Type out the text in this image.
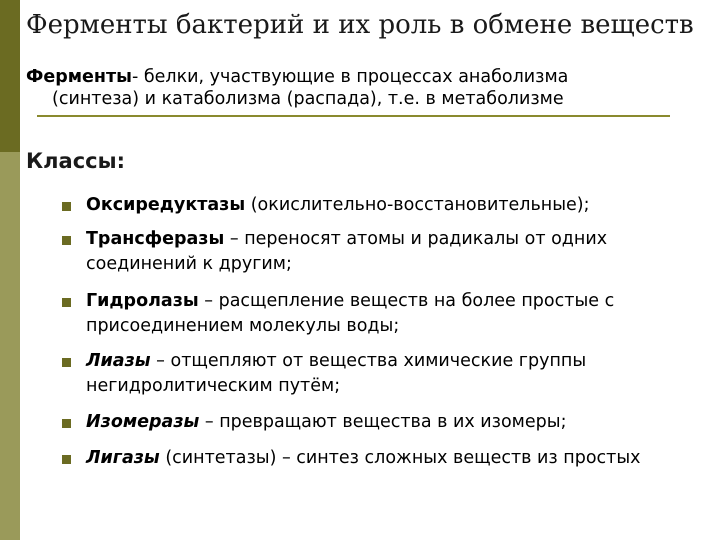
Ферменты бактерий и их роль в обмене веществ
Ферменты- белки, участвующие в процессах анаболизма
(синтеза) и катаболизма (распада), т.е. в метаболизме
Классы:
Оксиредуктазы (окислительно-восстановительные);
Трансферазы – переносят атомы и радикалы от одних
соединений к другим;
Гидролазы – расщепление веществ на более простые с
присоединением молекулы воды;
Лиазы – отщепляют от вещества химические группы
негидролитическим путём;
Изомеразы – превращают вещества в их изомеры;
Лигазы (синтетазы) – синтез сложных веществ из простых
